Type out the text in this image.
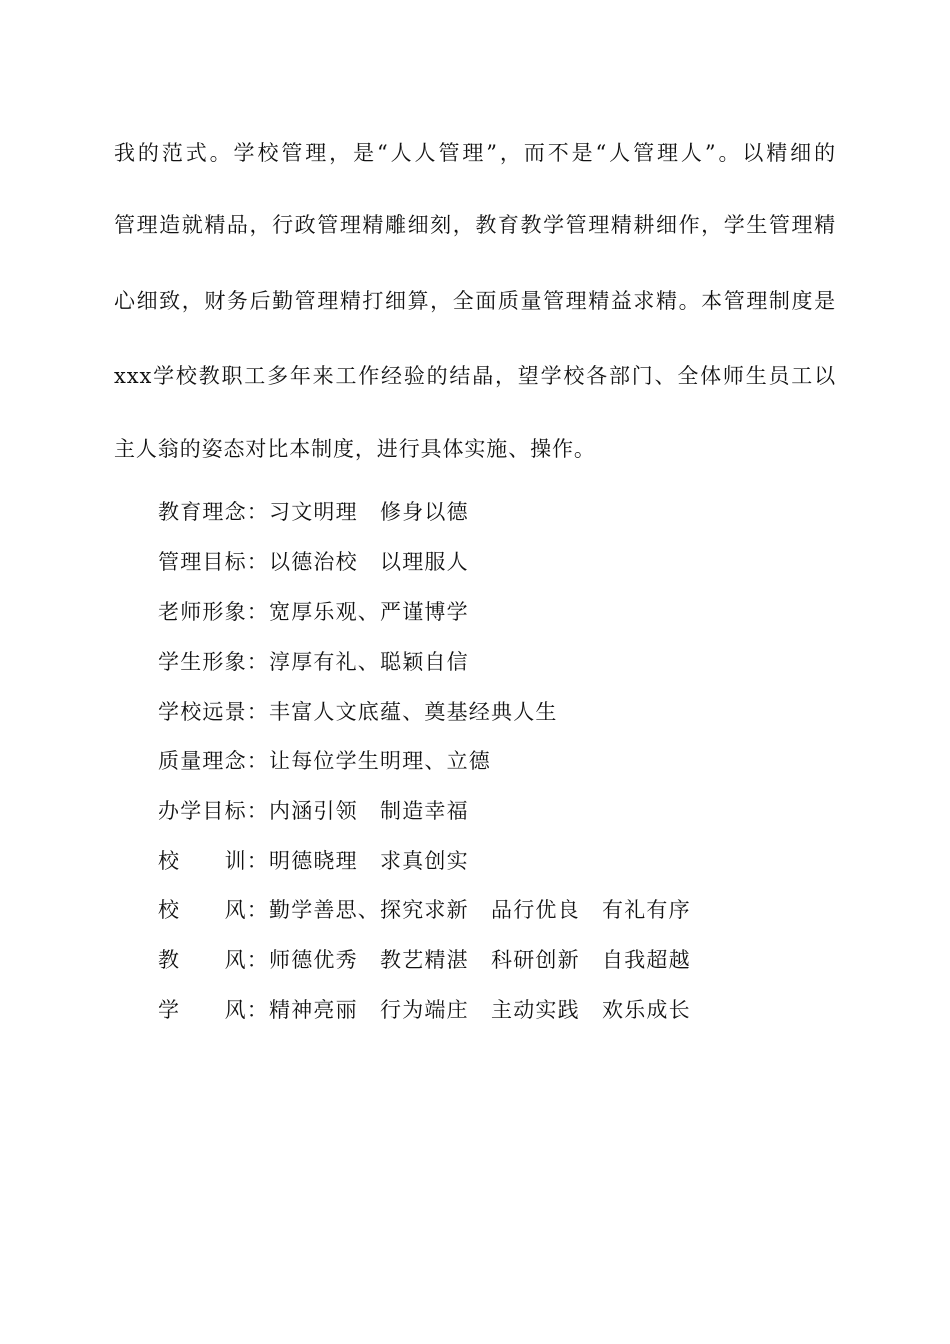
我的范式。学校管理，是“人人管理”，而不是“人管理人”。以精细的
管理造就精品，行政管理精雕细刻，教育教学管理精耕细作，学生管理精
心细致，财务后勤管理精打细算，全面质量管理精益求精。本管理制度是
xxx学校教职工多年来工作经验的结晶，望学校各部门、全体师生员工以
主人翁的姿态对比本制度，进行具体实施、操作。
教育理念：习文明理　修身以德
管理目标：以德治校　以理服人
老师形象：宽厚乐观、严谨博学
学生形象：淳厚有礼、聪颖自信
学校远景：丰富人文底蕴、奠基经典人生
质量理念：让每位学生明理、立德
办学目标：内涵引领　制造幸福
校　　训：明德晓理　求真创实
校　　风：勤学善思、探究求新　品行优良　有礼有序
教　　风：师德优秀　教艺精湛　科研创新　自我超越
学　　风：精神亮丽　行为端庄　主动实践　欢乐成长
